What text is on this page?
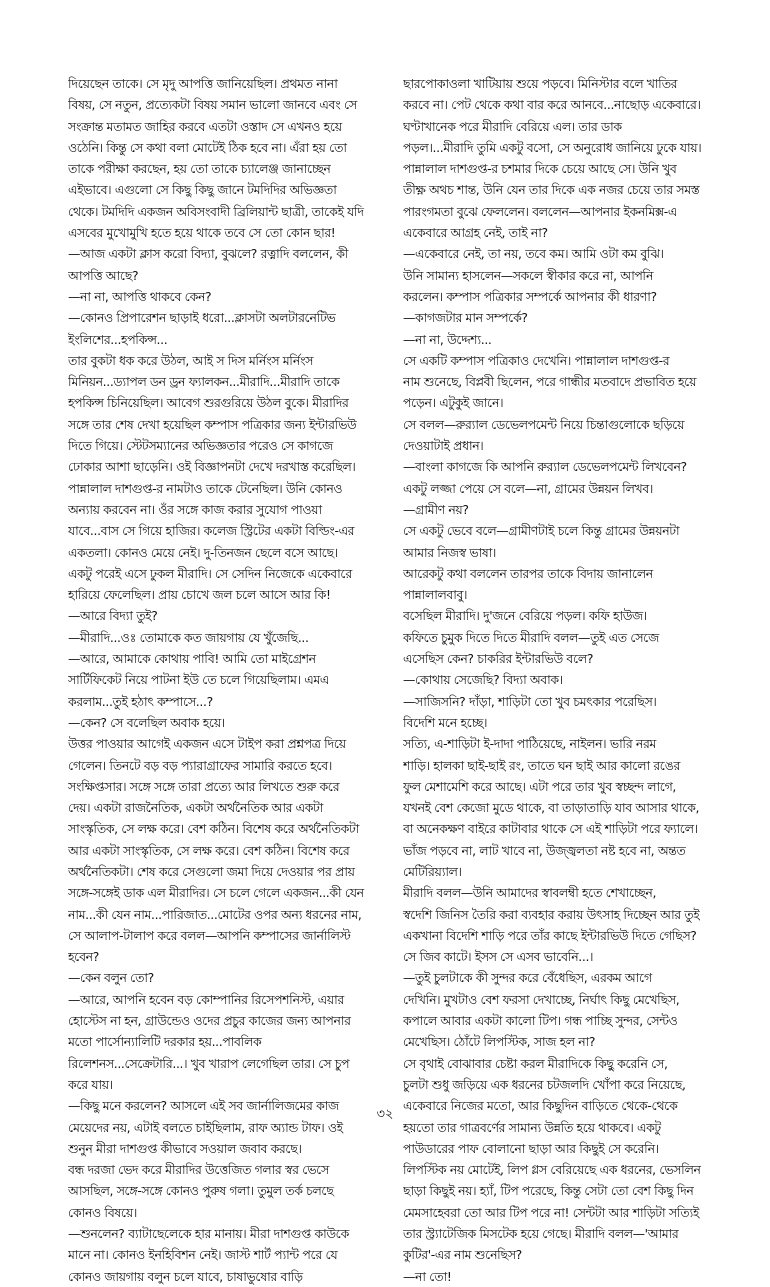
দিয়েছেন তাকে। সে মৃদু আপত্তি জানিয়েছিল। প্রথমত নানা
বিষয়, সে নতুন, প্রত্যেকটা বিষয় সমান ভালো জানবে এবং সে
সংক্রান্ত মতামত জাহির করবে এতটা ওস্তাদ সে এখনও হয়ে
ওঠেনি। কিন্তু সে কথা বলা মোটেই ঠিক হবে না। এঁরা হয় তো
তাকে পরীক্ষা করছেন, হয় তো তাকে চ্যালেঞ্জ জানাচ্ছেন
এইভাবে। এগুলো সে কিছু কিছু জানে টমদিদির অভিজ্ঞতা
থেকে। টমদিদি একজন অবিসংবাদী ব্রিলিয়ান্ট ছাত্রী, তাকেই যদি
এসবের মুখোমুখি হতে হয়ে থাকে তবে সে তো কোন ছার!
—আজ একটা ক্লাস করো বিদ্যা, বুঝলে? রত্নাদি বললেন, কী
আপত্তি আছে?
—না না, আপত্তি থাকবে কেন?
—কোনও প্রিপারেশন ছাড়াই ধরো...ক্লাসটা অলটারনেটিভ
ইংলিশের...হপকিন্স...
তার বুকটা ধক করে উঠল, আই স দিস মর্নিংস মর্নিংস
মিনিয়ন...ড্যাপল ডন ড্রন ফ্যালকন...মীরাদি...মীরাদি তাকে
হপকিন্স চিনিয়েছিল। আবেগ শুরগুরিয়ে উঠল বুকে। মীরাদির
সঙ্গে তার শেষ দেখা হয়েছিল কম্পাস পত্রিকার জন্য ইন্টারভিউ
দিতে গিয়ে। স্টেটসম্যানের অভিজ্ঞতার পরেও সে কাগজে
ঢোকার আশা ছাড়েনি। ওই বিজ্ঞাপনটা দেখে দরখাস্ত করেছিল।
পান্নালাল দাশগুপ্ত-র নামটাও তাকে টেনেছিল। উনি কোনও
অন্যায় করবেন না। ওঁর সঙ্গে কাজ করার সুযোগ পাওয়া
যাবে...বাস সে গিয়ে হাজির। কলেজ স্ট্রিটের একটা বিল্ডিং-এর
একতলা। কোনও মেয়ে নেই। দু-তিনজন ছেলে বসে আছে।
একটু পরেই এসে ঢুকল মীরাদি। সে সেদিন নিজেকে একেবারে
হারিয়ে ফেলেছিল। প্রায় চোখে জল চলে আসে আর কি!
—আরে বিদ্যা তুই?
—মীরাদি...ওঃ তোমাকে কত জায়গায় যে খুঁজেছি...
—আরে, আমাকে কোথায় পাবি! আমি তো মাইগ্রেশন
সার্টিফিকেট নিয়ে পাটনা ইউ তে চলে গিয়েছিলাম। এমএ
করলাম...তুই হঠাৎ কম্পাসে...?
—কেন? সে বলেছিল অবাক হয়ে।
উত্তর পাওয়ার আগেই একজন এসে টাইপ করা প্রশ্নপত্র দিয়ে
গেলেন। তিনটে বড় বড় প্যারাগ্রাফের সামারি করতে হবে।
সংক্ষিপ্তসার। সঙ্গে সঙ্গে তারা প্রত্যে আর লিখতে শুরু করে
দেয়। একটা রাজনৈতিক, একটা অর্থনৈতিক আর একটা
সাংস্কৃতিক, সে লক্ষ করে। বেশ কঠিন। বিশেষ করে অর্থনৈতিকটা
আর একটা সাংস্কৃতিক, সে লক্ষ করে। বেশ কঠিন। বিশেষ করে
অর্থনৈতিকটা। শেষ করে সেগুলো জমা দিয়ে দেওয়ার পর প্রায়
সঙ্গে-সঙ্গেই ডাক এল মীরাদির। সে চলে গেলে একজন...কী যেন
নাম...কী যেন নাম...পারিজাত...মোটের ওপর অন্য ধরনের নাম,
সে আলাপ-টালাপ করে বলল—আপনি কম্পাসের জার্নালিস্ট
হবেন?
—কেন বলুন তো?
—আরে, আপনি হবেন বড় কোম্পানির রিসেপশনিস্ট, এয়ার
হোস্টেস না হন, গ্রাউন্ডেও ওদের প্রচুর কাজের জন্য আপনার
মতো পার্সোন্যালিটি দরকার হয়...পাবলিক
রিলেশনস...সেক্রেটারি...। খুব খারাপ লেগেছিল তার। সে চুপ
করে যায়।
—কিছু মনে করলেন? আসলে এই সব জার্নালিজমের কাজ
মেয়েদের নয়, এটাই বলতে চাইছিলাম, রাফ অ্যান্ড টাফ। ওই
শুনুন মীরা দাশগুপ্ত কীভাবে সওয়াল জবাব করছে।
বন্ধ দরজা ভেদ করে মীরাদির উত্তেজিত গলার স্বর ভেসে
আসছিল, সঙ্গে-সঙ্গে কোনও পুরুষ গলা। তুমুল তর্ক চলছে
কোনও বিষয়ে।
—শুনলেন? ব্যাটাছেলেকে হার মানায়। মীরা দাশগুপ্ত কাউকে
মানে না। কোনও ইনহিবিশন নেই। জাস্ট শার্ট প্যান্ট পরে যে
কোনও জায়গায় বলুন চলে যাবে, চাষাভুষোর বাড়ি
ছারপোকাওলা খাটিয়ায় শুয়ে পড়বে। মিনিস্টার বলে খাতির
করবে না। পেট থেকে কথা বার করে আনবে...নাছোড় একেবারে।
ঘণ্টাখানেক পরে মীরাদি বেরিয়ে এল। তার ডাক
পড়ল।...মীরাদি তুমি একটু বসো, সে অনুরোধ জানিয়ে ঢুকে যায়।
পান্নালাল দাশগুপ্ত-র চশমার দিকে চেয়ে আছে সে। উনি খুব
তীক্ষ্ণ অথচ শান্ত, উনি যেন তার দিকে এক নজর চেয়ে তার সমস্ত
পারংগমতা বুঝে ফেললেন। বললেন—আপনার ইকনমিক্স-এ
একেবারে আগ্রহ নেই, তাই না?
—একেবারে নেই, তা নয়, তবে কম। আমি ওটা কম বুঝি।
উনি সামান্য হাসলেন—সকলে স্বীকার করে না, আপনি
করলেন। কম্পাস পত্রিকার সম্পর্কে আপনার কী ধারণা?
—কাগজটার মান সম্পর্কে?
—না না, উদ্দেশ্য...
সে একটি কম্পাস পত্রিকাও দেখেনি। পান্নালাল দাশগুপ্ত-র
নাম শুনেছে, বিপ্লবী ছিলেন, পরে গান্ধীর মতবাদে প্রভাবিত হয়ে
পড়েন। এটুকুই জানে।
সে বলল—রুর‍্যাল ডেভেলপমেন্ট নিয়ে চিন্তাগুলোকে ছড়িয়ে
দেওয়াটাই প্রধান।
—বাংলা কাগজে কি আপনি রুর‍্যাল ডেভেলপমেন্ট লিখবেন?
একটু লজ্জা পেয়ে সে বলে—না, গ্রামের উন্নয়ন লিখব।
—গ্রামীণ নয়?
সে একটু ভেবে বলে—গ্রামীণটাই চলে কিন্তু গ্রামের উন্নয়নটা
আমার নিজস্ব ভাষা।
আরেকটু কথা বললেন তারপর তাকে বিদায় জানালেন
পান্নালালবাবু।
বসেছিল মীরাদি। দু'জনে বেরিয়ে পড়ল। কফি হাউজ।
কফিতে চুমুক দিতে দিতে মীরাদি বলল—তুই এত সেজে
এসেছিস কেন? চাকরির ইন্টারভিউ বলে?
—কোথায় সেজেছি? বিদ্যা অবাক।
—সাজিসনি? দাঁড়া, শাড়িটা তো খুব চমৎকার পরেছিস।
বিদেশি মনে হচ্ছে।
সত্যি, এ-শাড়িটা ই-দাদা পাঠিয়েছে, নাইলন। ভারি নরম
শাড়ি। হালকা ছাই-ছাই রং, তাতে ঘন ছাই আর কালো রঙের
ফুল মেশামেশি করে আছে। এটা পরে তার খুব স্বচ্ছন্দ লাগে,
যখনই বেশ কেজো মুডে থাকে, বা তাড়াতাড়ি যাব আসার থাকে,
বা অনেকক্ষণ বাইরে কাটাবার থাকে সে এই শাড়িটা পরে ফ্যালে।
ভাঁজ পড়বে না, লাট খাবে না, উজ্জ্বলতা নষ্ট হবে না, অন্তত
মেটিরিয়্যাল।
মীরাদি বলল—উনি আমাদের স্বাবলম্বী হতে শেখাচ্ছেন,
স্বদেশি জিনিস তৈরি করা ব্যবহার করায় উৎসাহ দিচ্ছেন আর তুই
একখানা বিদেশি শাড়ি পরে তাঁর কাছে ইন্টারভিউ দিতে গেছিস?
সে জিব কাটে। ইসস সে এসব ভাবেনি...।
—তুই চুলটাকে কী সুন্দর করে বেঁধেছিস, এরকম আগে
দেখিনি। মুখটাও বেশ ফরসা দেখাচ্ছে, নির্ঘাৎ কিছু মেখেছিস,
কপালে আবার একটা কালো টিপ। গন্ধ পাচ্ছি সুন্দর, সেন্টও
মেখেছিস। ঠোঁটে লিপস্টিক, সাজ হল না?
সে বৃথাই বোঝাবার চেষ্টা করল মীরাদিকে কিছুু করেনি সে,
চুলটা শুধু জড়িয়ে এক ধরনের চটজলদি খোঁপা করে নিয়েছে,
একেবারে নিজের মতো, আর কিছুদিন বাড়িতে থেকে-থেকে
হয়তো তার গাত্রবর্ণের সামান্য উন্নতি হয়ে থাকবে। একটু
পাউডারের পাফ বোলানো ছাড়া আর কিছুই সে করেনি।
লিপস্টিক নয় মোটেই, লিপ গ্লস বেরিয়েছে এক ধরনের, ভেসলিন
ছাড়া কিছুই নয়। হ্যাঁ, টিপ পরেছে, কিন্তু সেটা তো বেশ কিছু দিন
মেমসাহেবরা তো আর টিপ পরে না! সেন্টটা আর শাড়িটা সত্যিই
তার স্ট্র্যাটেজিক মিসটেক হয়ে গেছে। মীরাদি বলল—'আমার
কুটির'-এর নাম শুনেছিস?
—না তো!
৩২
